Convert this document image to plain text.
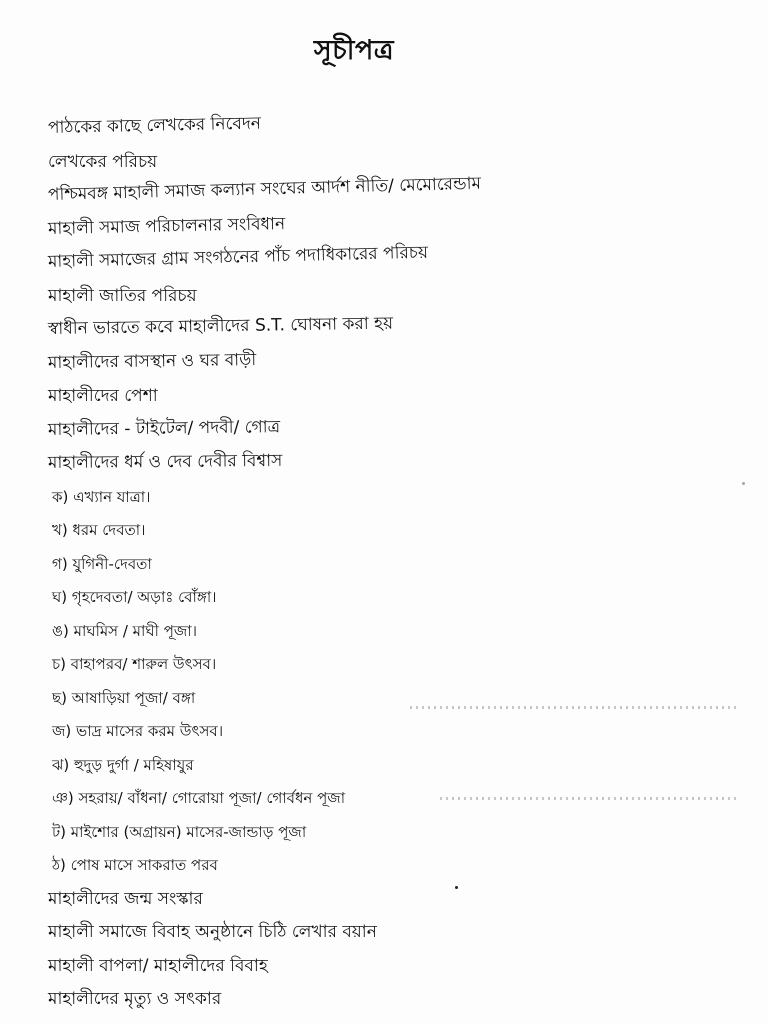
সূচীপত্র
পাঠকের কাছে লেখকের নিবেদন
লেখকের পরিচয়
পশ্চিমবঙ্গ মাহালী সমাজ কল্যান সংঘের আর্দশ নীতি/ মেমোরেন্ডাম
মাহালী সমাজ পরিচালনার সংবিধান
মাহালী সমাজের গ্রাম সংগঠনের পাঁচ পদাধিকারের পরিচয়
মাহালী জাতির পরিচয়
স্বাধীন ভারতে কবে মাহালীদের S.T. ঘোষনা করা হয়
মাহালীদের বাসস্থান ও ঘর বাড়ী
মাহালীদের পেশা
মাহালীদের - টাইটেল/ পদবী/ গোত্র
মাহালীদের ধর্ম ও দেব দেবীর বিশ্বাস
ক) এখ্যান যাত্রা।
খ) ধরম দেবতা।
গ) যুগিনী-দেবতা
ঘ) গৃহদেবতা/ অড়াঃ বোঁঙ্গা।
ঙ) মাঘমিস / মাঘী পূজা।
চ) বাহাপরব/ শারুল উৎসব।
ছ) আষাড়িয়া পূজা/ বঙ্গা
জ) ভাদ্র মাসের করম উৎসব।
ঝ) হুদুড় দুর্গা / মহিষাযুর
ঞ) সহরায়/ বাঁধনা/ গোরোয়া পূজা/ গোর্বধন পূজা
ট) মাইশোর (অগ্রায়ন) মাসের-জান্ডাড় পূজা
ঠ) পোষ মাসে সাকরাত পরব
মাহালীদের জন্ম সংস্কার
মাহালী সমাজে বিবাহ অনুষ্ঠানে চিঠি লেখার বয়ান
মাহালী বাপলা/ মাহালীদের বিবাহ
মাহালীদের মৃত্যু ও সৎকার
